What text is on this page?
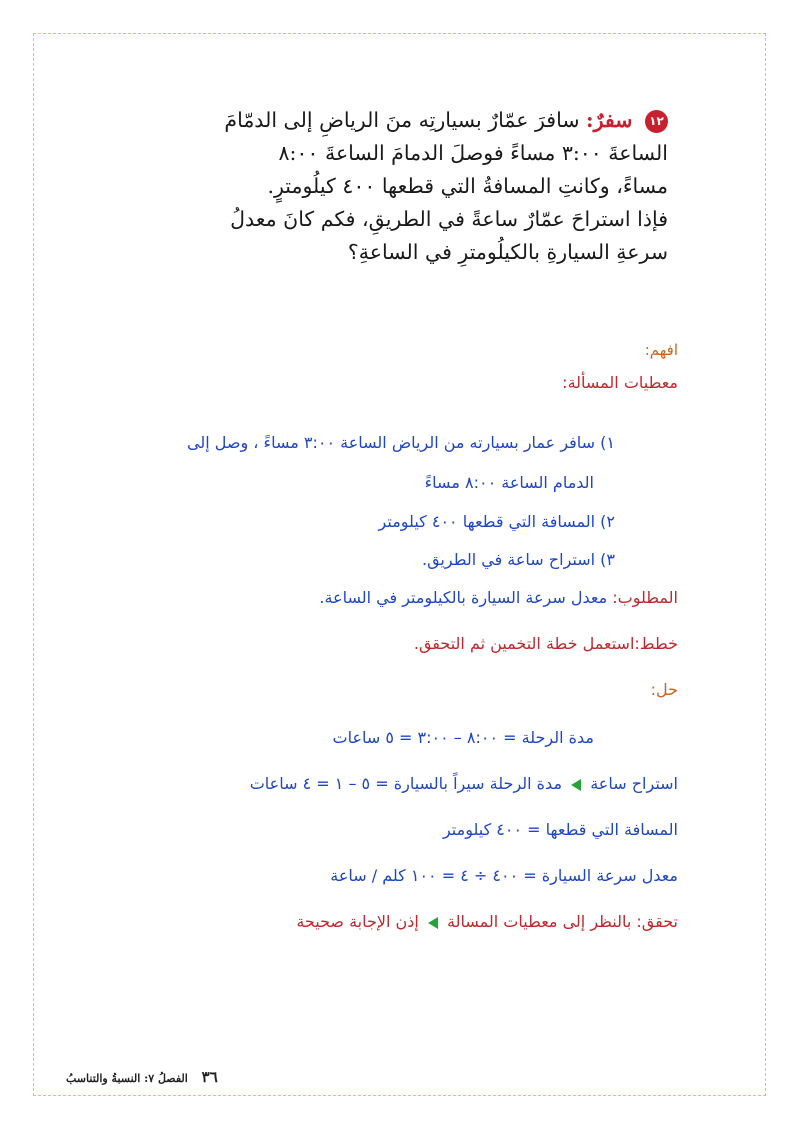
١٢ سفرٌ: سافرَ عمّارٌ بسيارتِه منَ الرياضِ إلى الدمّامَ
الساعةَ ٣:٠٠ مساءً فوصلَ الدمامَ الساعةَ ٨:٠٠
مساءً، وكانتِ المسافةُ التي قطعها ٤٠٠ كيلُومترٍ.
فإذا استراحَ عمّارٌ ساعةً في الطريقِ، فكم كانَ معدلُ
سرعةِ السيارةِ بالكيلُومترِ في الساعةِ؟
افهم:
معطيات المسألة:
١) سافر عمار بسيارته من الرياض الساعة ٣:٠٠ مساءً ، وصل إلى
الدمام الساعة ٨:٠٠ مساءً
٢) المسافة التي قطعها ٤٠٠ كيلومتر
٣) استراح ساعة في الطريق.
المطلوب: معدل سرعة السيارة بالكيلومتر في الساعة.
خطط:استعمل خطة التخمين ثم التحقق.
حل:
مدة الرحلة = ٨:٠٠ – ٣:٠٠ = ٥ ساعات
استراح ساعة  مدة الرحلة سيراً بالسيارة = ٥ – ١ = ٤ ساعات
المسافة التي قطعها = ٤٠٠ كيلومتر
معدل سرعة السيارة = ٤٠٠ ÷ ٤ = ١٠٠ كلم / ساعة
تحقق: بالنظر إلى معطيات المسالة  إذن الإجابة صحيحة
٣٦ الفصلُ ٧: النسبةُ والتناسبُ
